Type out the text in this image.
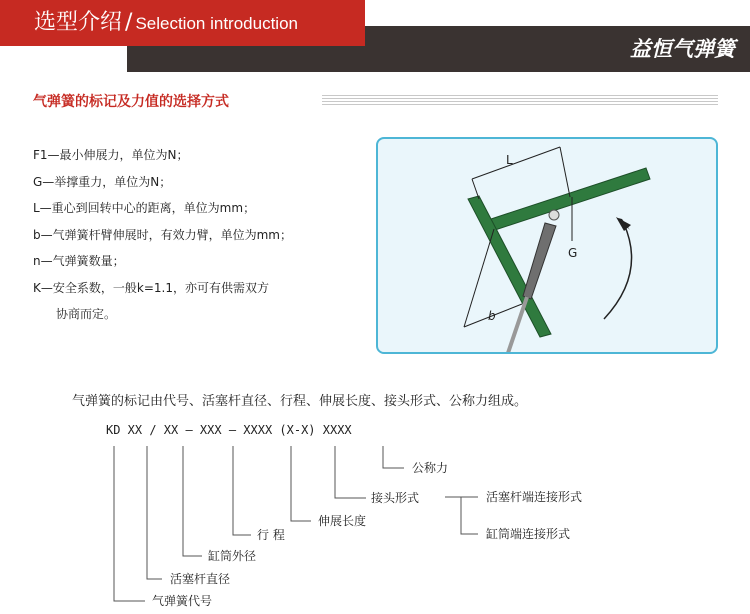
选型介绍 / Selection introduction
益恒气弹簧
气弹簧的标记及力值的选择方式
F1—最小伸展力，单位为N；
G—举撑重力，单位为N；
L—重心到回转中心的距离，单位为mm；
b—气弹簧杆臂伸展时，有效力臂，单位为mm；
n—气弹簧数量；
K—安全系数，一般k=1.1，亦可有供需双方
协商而定。
L
G
b
气弹簧的标记由代号、活塞杆直径、行程、伸展长度、接头形式、公称力组成。
KD XX / XX — XXX — XXXX (X-X) XXXX
公称力
接头形式	活塞杆端连接形式
伸展长度
缸筒端连接形式
行 程
缸筒外径
活塞杆直径
气弹簧代号
